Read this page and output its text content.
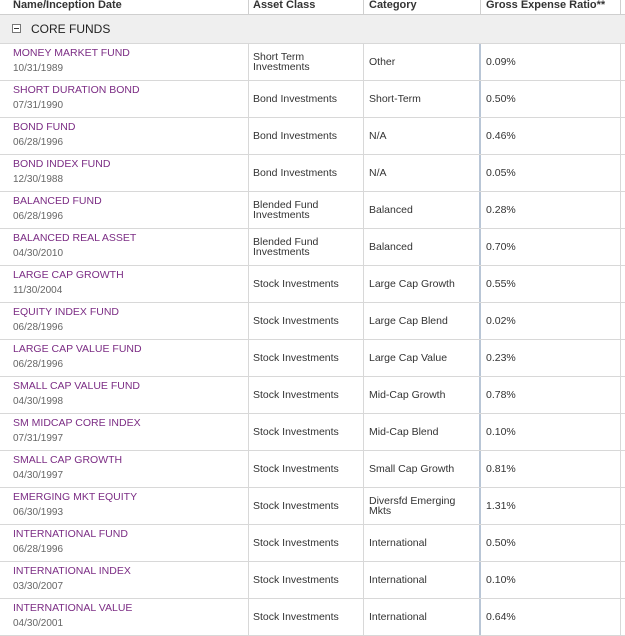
Name/Inception Date	Asset Class	Category	Gross Expense Ratio**
CORE FUNDS
MONEY MARKET FUND
10/31/1989
Short Term Investments	Other	0.09%
SHORT DURATION BOND
07/31/1990
Bond Investments	Short-Term	0.50%
BOND FUND
06/28/1996
Bond Investments	N/A	0.46%
BOND INDEX FUND
12/30/1988
Bond Investments	N/A	0.05%
BALANCED FUND
06/28/1996
Blended Fund Investments	Balanced	0.28%
BALANCED REAL ASSET
04/30/2010
Blended Fund Investments	Balanced	0.70%
LARGE CAP GROWTH
11/30/2004
Stock Investments	Large Cap Growth	0.55%
EQUITY INDEX FUND
06/28/1996
Stock Investments	Large Cap Blend	0.02%
LARGE CAP VALUE FUND
06/28/1996
Stock Investments	Large Cap Value	0.23%
SMALL CAP VALUE FUND
04/30/1998
Stock Investments	Mid-Cap Growth	0.78%
SM MIDCAP CORE INDEX
07/31/1997
Stock Investments	Mid-Cap Blend	0.10%
SMALL CAP GROWTH
04/30/1997
Stock Investments	Small Cap Growth	0.81%
EMERGING MKT EQUITY
06/30/1993
Stock Investments	Diversfd Emerging Mkts	1.31%
INTERNATIONAL FUND
06/28/1996
Stock Investments	International	0.50%
INTERNATIONAL INDEX
03/30/2007
Stock Investments	International	0.10%
INTERNATIONAL VALUE
04/30/2001
Stock Investments	International	0.64%
